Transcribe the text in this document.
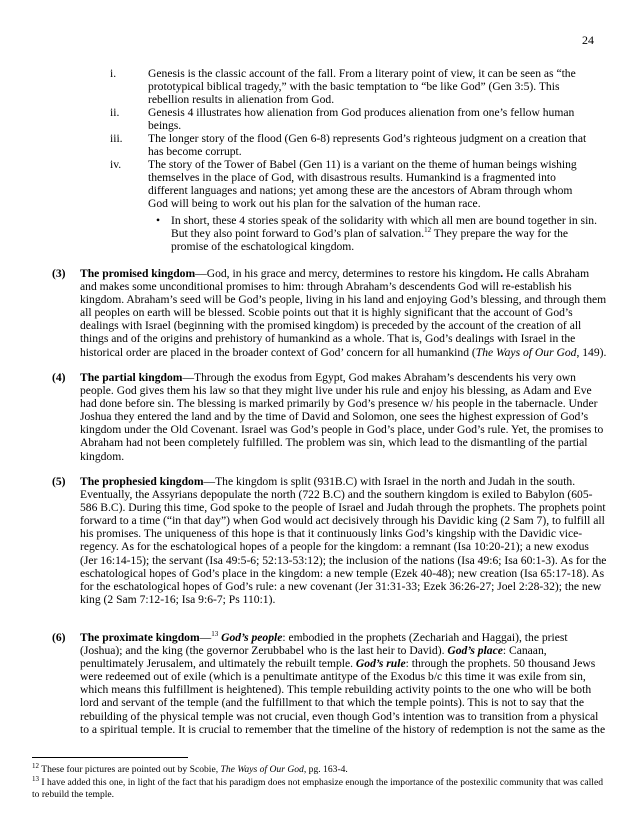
24
i.	Genesis is the classic account of the fall. From a literary point of view, it can be seen as “the prototypical biblical tragedy,” with the basic temptation to “be like God” (Gen 3:5). This rebellion results in alienation from God.
ii.	Genesis 4 illustrates how alienation from God produces alienation from one’s fellow human beings.
iii.	The longer story of the flood (Gen 6-8) represents God’s righteous judgment on a creation that has become corrupt.
iv.	The story of the Tower of Babel (Gen 11) is a variant on the theme of human beings wishing themselves in the place of God, with disastrous results. Humankind is a fragmented into different languages and nations; yet among these are the ancestors of Abram through whom God will being to work out his plan for the salvation of the human race.
• In short, these 4 stories speak of the solidarity with which all men are bound together in sin. But they also point forward to God’s plan of salvation.$^{12}$ They prepare the way for the promise of the eschatological kingdom.
(3) The promised kingdom—God, in his grace and mercy, determines to restore his kingdom. He calls Abraham and makes some unconditional promises to him: through Abraham’s descendents God will re-establish his kingdom. Abraham’s seed will be God’s people, living in his land and enjoying God’s blessing, and through them all peoples on earth will be blessed. Scobie points out that it is highly significant that the account of God’s dealings with Israel (beginning with the promised kingdom) is preceded by the account of the creation of all things and of the origins and prehistory of humankind as a whole. That is, God’s dealings with Israel in the historical order are placed in the broader context of God’ concern for all humankind (The Ways of Our God, 149).
(4) The partial kingdom—Through the exodus from Egypt, God makes Abraham’s descendents his very own people. God gives them his law so that they might live under his rule and enjoy his blessing, as Adam and Eve had done before sin. The blessing is marked primarily by God’s presence w/ his people in the tabernacle. Under Joshua they entered the land and by the time of David and Solomon, one sees the highest expression of God’s kingdom under the Old Covenant. Israel was God’s people in God’s place, under God’s rule. Yet, the promises to Abraham had not been completely fulfilled. The problem was sin, which lead to the dismantling of the partial kingdom.
(5) The prophesied kingdom—The kingdom is split (931B.C) with Israel in the north and Judah in the south. Eventually, the Assyrians depopulate the north (722 B.C) and the southern kingdom is exiled to Babylon (605-586 B.C). During this time, God spoke to the people of Israel and Judah through the prophets. The prophets point forward to a time (“in that day”) when God would act decisively through his Davidic king (2 Sam 7), to fulfill all his promises. The uniqueness of this hope is that it continuously links God’s kingship with the Davidic vice-regency. As for the eschatological hopes of a people for the kingdom: a remnant (Isa 10:20-21); a new exodus (Jer 16:14-15); the servant (Isa 49:5-6; 52:13-53:12); the inclusion of the nations (Isa 49:6; Isa 60:1-3). As for the eschatological hopes of God’s place in the kingdom: a new temple (Ezek 40-48); new creation (Isa 65:17-18). As for the eschatological hopes of God’s rule: a new covenant (Jer 31:31-33; Ezek 36:26-27; Joel 2:28-32); the new king (2 Sam 7:12-16; Isa 9:6-7; Ps 110:1).
(6) The proximate kingdom—$^{13}$ God’s people: embodied in the prophets (Zechariah and Haggai), the priest (Joshua); and the king (the governor Zerubbabel who is the last heir to David). God’s place: Canaan, penultimately Jerusalem, and ultimately the rebuilt temple. God’s rule: through the prophets. 50 thousand Jews were redeemed out of exile (which is a penultimate antitype of the Exodus b/c this time it was exile from sin, which means this fulfillment is heightened). This temple rebuilding activity points to the one who will be both lord and servant of the temple (and the fulfillment to that which the temple points). This is not to say that the rebuilding of the physical temple was not crucial, even though God’s intention was to transition from a physical to a spiritual temple. It is crucial to remember that the timeline of the history of redemption is not the same as the
$^{12}$ These four pictures are pointed out by Scobie, The Ways of Our God, pg. 163-4.
$^{13}$ I have added this one, in light of the fact that his paradigm does not emphasize enough the importance of the postexilic community that was called to rebuild the temple.
